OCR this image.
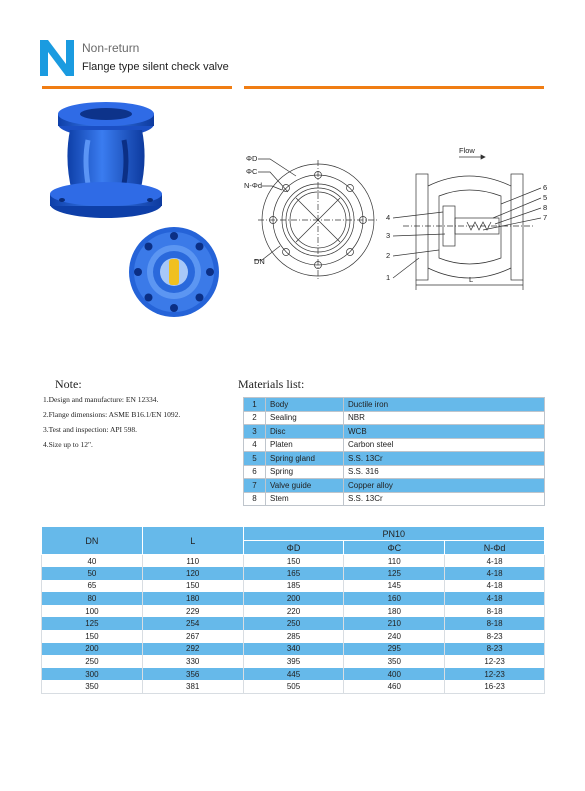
Non-return
Flange type silent check valve
ΦD
ΦC
N-Φd
DN
Flow
L
1
2
3
4
5
6
7
8
Note:
1.Design and manufacture: EN 12334.
2.Flange dimensions: ASME B16.1/EN 1092.
3.Test and inspection: API 598.
4.Size up to 12".
Materials list:
1	Body	Ductile iron
2	Sealing	NBR
3	Disc	WCB
4	Platen	Carbon steel
5	Spring gland	S.S. 13Cr
6	Spring	S.S. 316
7	Valve guide	Copper alloy
8	Stem	S.S. 13Cr
DN	L	PN10		
		ΦD	ΦC	N-Φd
40	110	150	110	4-18
50	120	165	125	4-18
65	150	185	145	4-18
80	180	200	160	4-18
100	229	220	180	8-18
125	254	250	210	8-18
150	267	285	240	8-23
200	292	340	295	8-23
250	330	395	350	12-23
300	356	445	400	12-23
350	381	505	460	16-23
